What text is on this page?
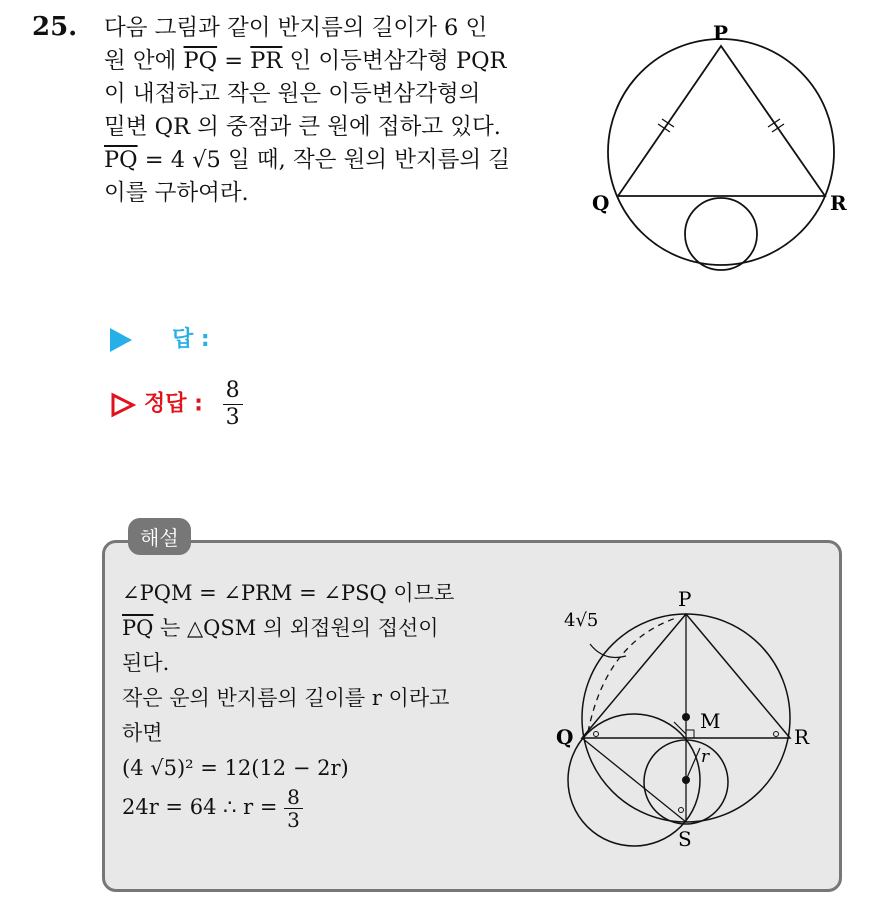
25. 다음 그림과 같이 반지름의 길이가 6 인
원 안에 $\overline{PQ} = \overline{PR}$ 인 이등변삼각형 PQR
이 내접하고 작은 원은 이등변삼각형의
밑변 QR 의 중점과 큰 원에 접하고 있다.
$\overline{PQ} = 4$ √5 일 때, 작은 원의 반지름의 길
이를 구하여라.
P
Q	R
답 :
정답 : $\frac{8}{3}$
해설
∠PQM = ∠PRM = ∠PSQ 이므로
$\overline{PQ}$ 는 △QSM 의 외접원의 접선이
된다.
작은 운의 반지름의 길이를 r 이라고
하면
(4 √5)² = 12(12 − 2r)
24r = 64 ∴ $r = \frac{8}{3}$
P
Q	R
M
S
r
4√5
